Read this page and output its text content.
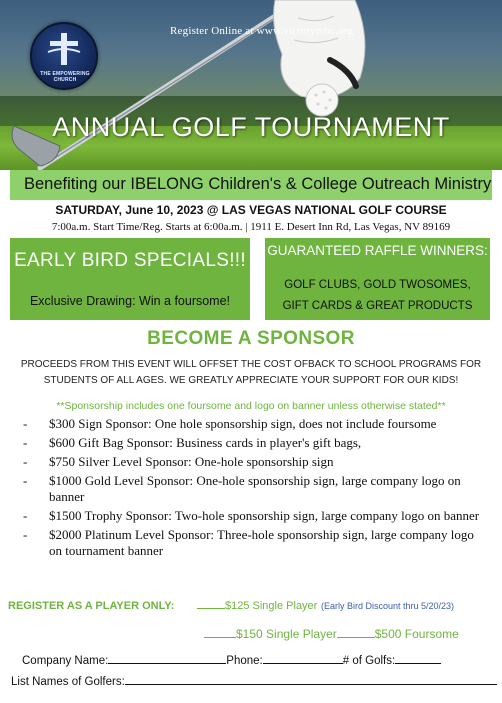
THE EMPOWERING CHURCH
Register Online at www.victorymbc.org
ANNUAL GOLF TOURNAMENT
Benefiting our IBELONG Children's & College Outreach Ministry
SATURDAY, June 10, 2023 @ LAS VEGAS NATIONAL GOLF COURSE
7:00a.m. Start Time/Reg. Starts at 6:00a.m. | 1911 E. Desert Inn Rd, Las Vegas, NV 89169
EARLY BIRD SPECIALS!!!
Exclusive Drawing: Win a foursome!
GUARANTEED RAFFLE WINNERS:
GOLF CLUBS, GOLD TWOSOMES,
GIFT CARDS & GREAT PRODUCTS
BECOME A SPONSOR
PROCEEDS FROM THIS EVENT WILL OFFSET THE COST OFBACK TO SCHOOL PROGRAMS FOR STUDENTS OF ALL AGES. WE GREATLY APPRECIATE YOUR SUPPORT FOR OUR KIDS!
**Sponsorship includes one foursome and logo on banner unless otherwise stated**
- $300 Sign Sponsor: One hole sponsorship sign, does not include foursome
- $600 Gift Bag Sponsor: Business cards in player's gift bags,
- $750 Silver Level Sponsor: One-hole sponsorship sign
- $1000 Gold Level Sponsor: One-hole sponsorship sign, large company logo on banner
- $1500 Trophy Sponsor: Two-hole sponsorship sign, large company logo on banner
- $2000 Platinum Level Sponsor: Three-hole sponsorship sign, large company logo on tournament banner
REGISTER AS A PLAYER ONLY:	$125 Single Player (Early Bird Discount thru 5/20/23)
$150 Single Player	$500 Foursome
Company Name:	Phone:	# of Golfs:
List Names of Golfers:
